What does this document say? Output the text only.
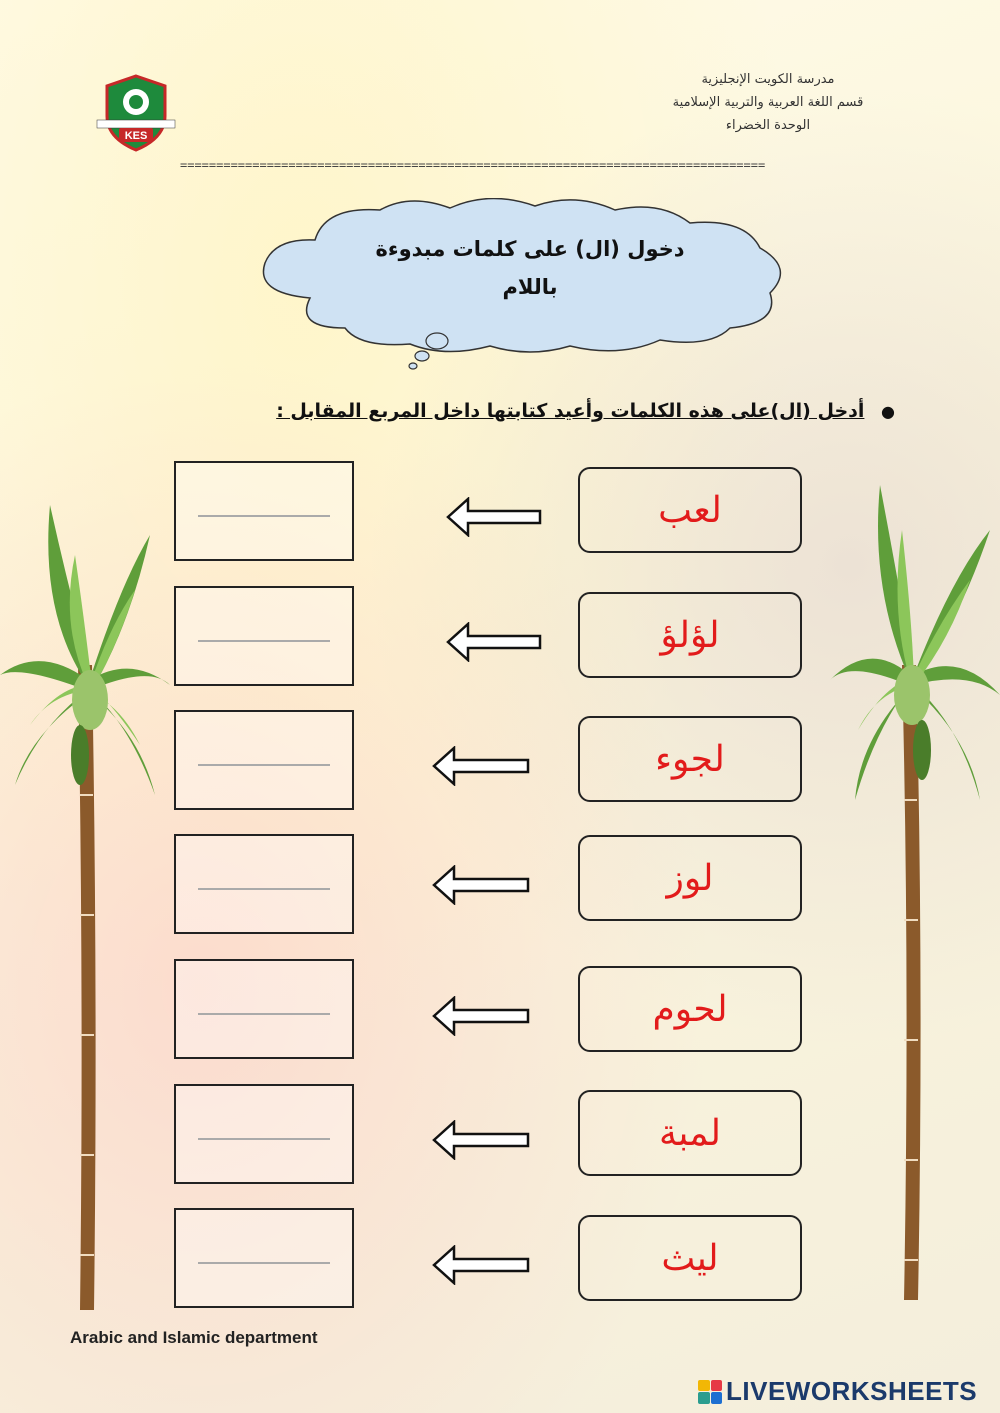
KES
مدرسة الكويت الإنجليزية
قسم اللغة العربية والتربية الإسلامية
الوحدة الخضراء
=================================================================================
دخول (ال) على كلمات مبدوءة
باللام
● أدخل (ال)على هذه الكلمات وأعيد كتابتها داخل المربع المقابل :
لعب
لؤلؤ
لجوء
لوز
لحوم
لمبة
ليث
Arabic and Islamic department
LIVEWORKSHEETS
